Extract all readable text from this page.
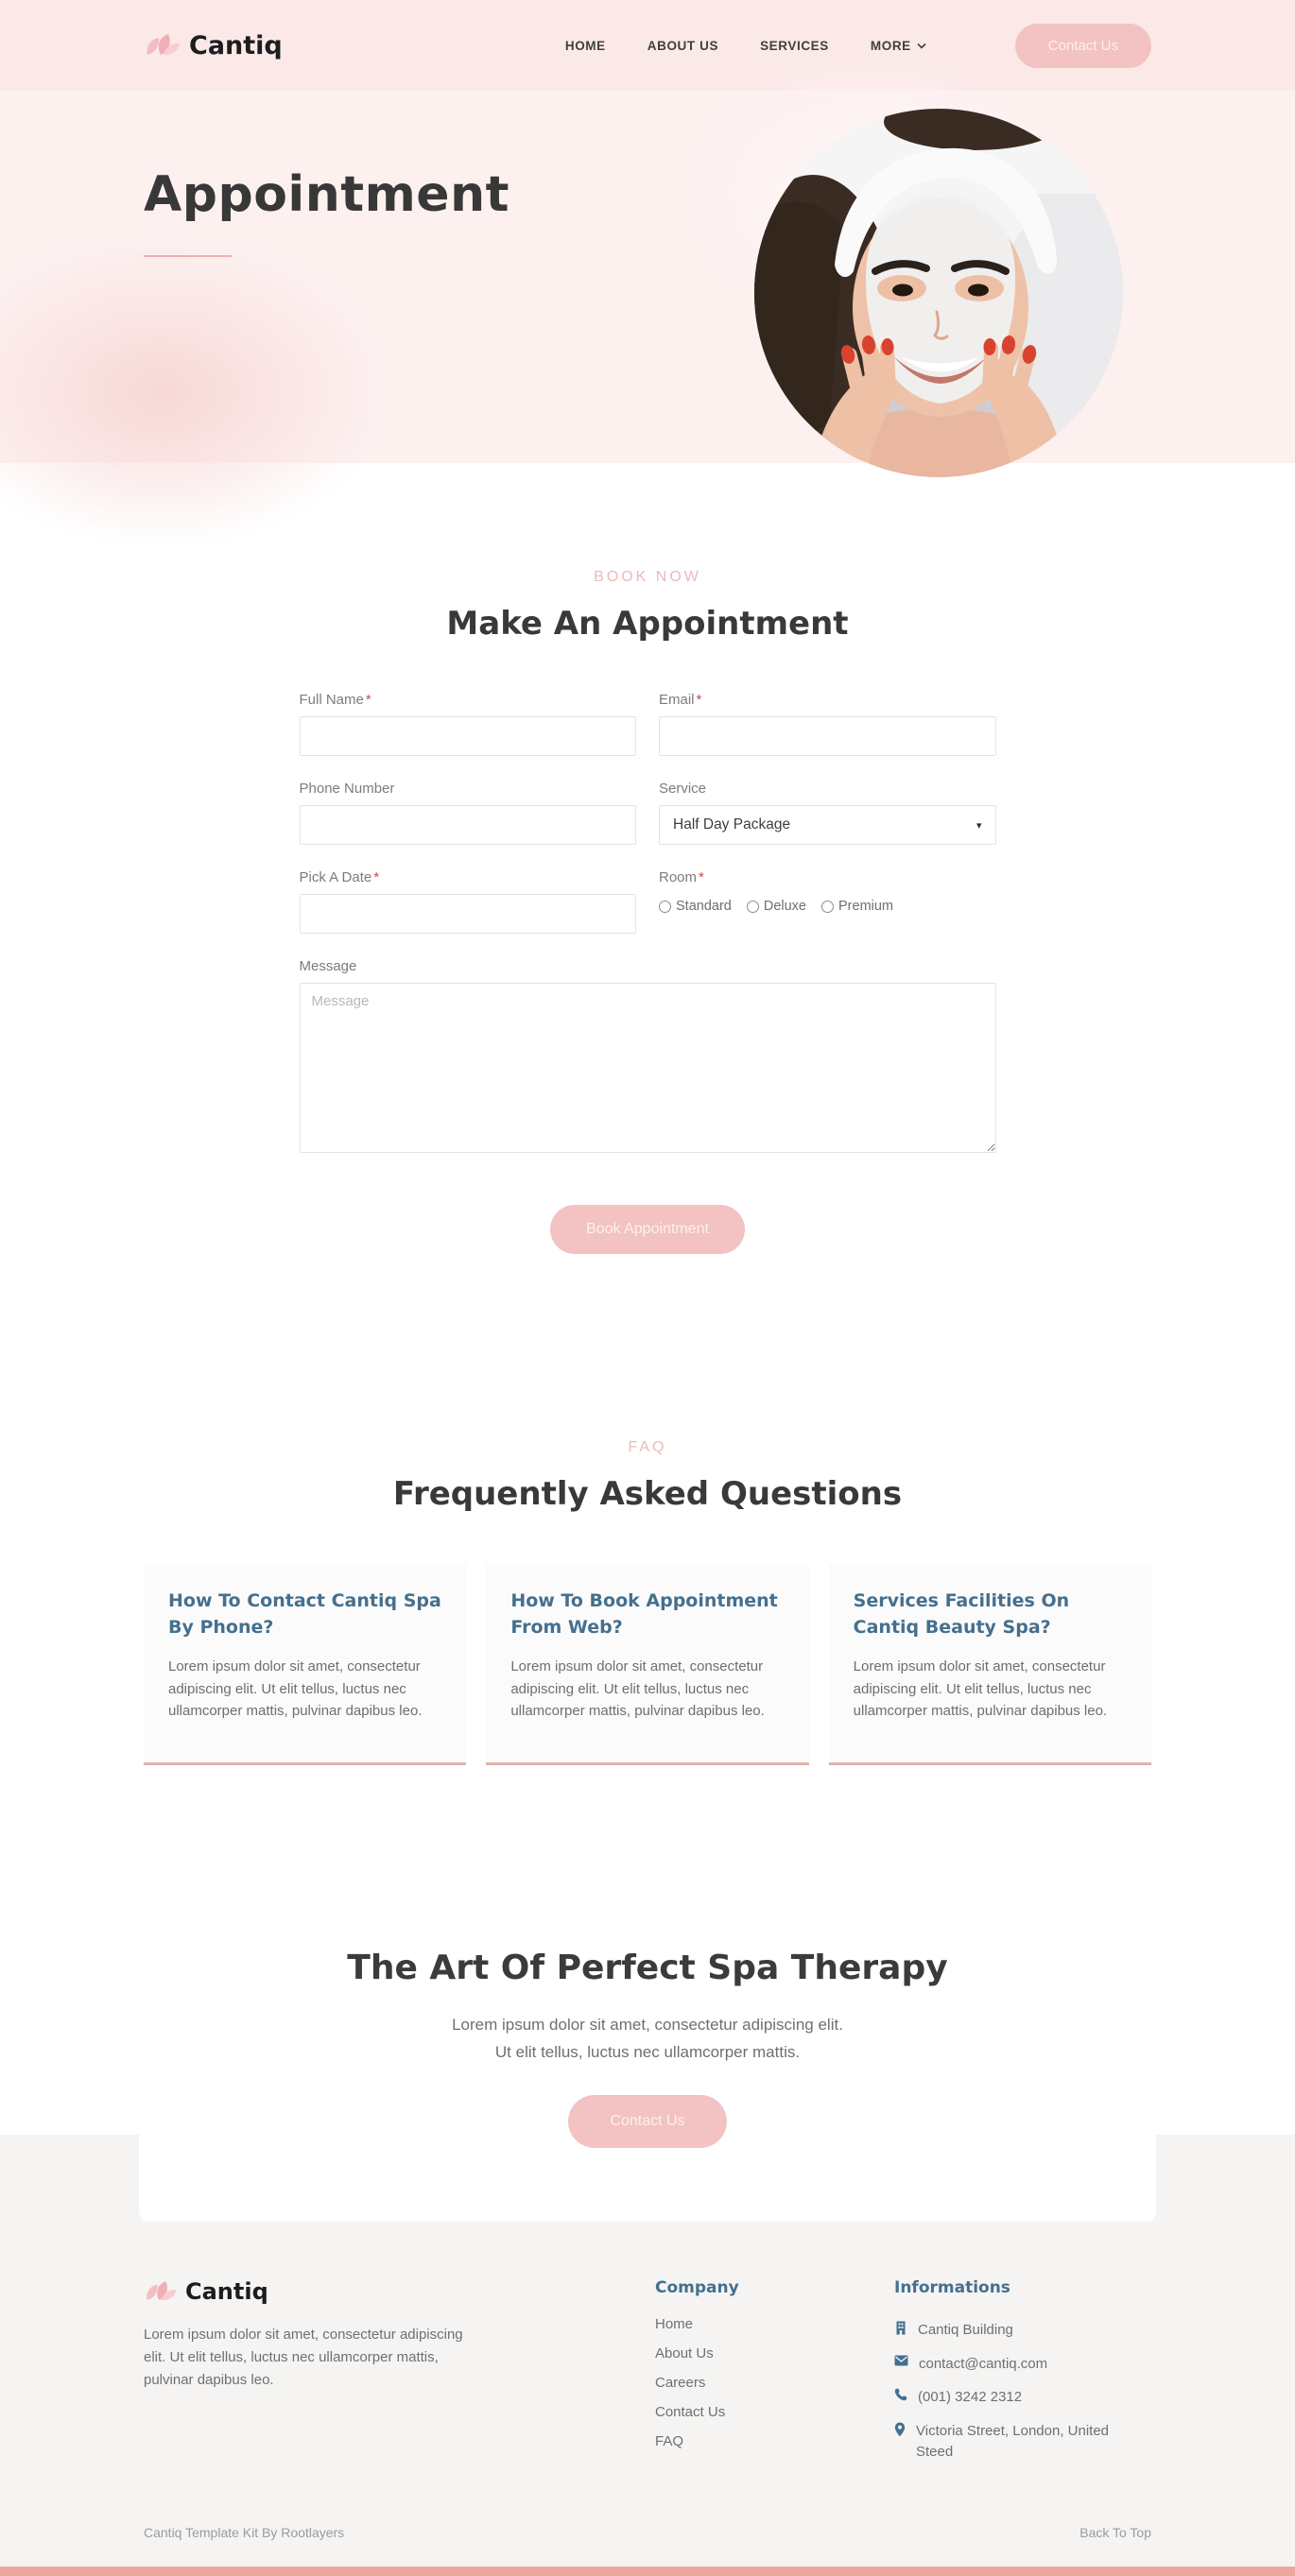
Cantiq	HOME	ABOUT US	SERVICES	MORE	Contact Us
Appointment
BOOK NOW
Make An Appointment
Full Name *	Email *
Phone Number	Service
Half Day Package	▾
Pick A Date *	Room *
Standard Deluxe Premium
Message
Message
Book Appointment
FAQ
Frequently Asked Questions
How To Contact Cantiq Spa By Phone?
Lorem ipsum dolor sit amet, consectetur adipiscing elit. Ut elit tellus, luctus nec ullamcorper mattis, pulvinar dapibus leo.
How To Book Appointment From Web?
Lorem ipsum dolor sit amet, consectetur adipiscing elit. Ut elit tellus, luctus nec ullamcorper mattis, pulvinar dapibus leo.
Services Facilities On Cantiq Beauty Spa?
Lorem ipsum dolor sit amet, consectetur adipiscing elit. Ut elit tellus, luctus nec ullamcorper mattis, pulvinar dapibus leo.
The Art Of Perfect Spa Therapy

Lorem ipsum dolor sit amet, consectetur adipiscing elit.
Ut elit tellus, luctus nec ullamcorper mattis.

Contact Us
Cantiq

Lorem ipsum dolor sit amet, consectetur adipiscing elit. Ut elit tellus, luctus nec ullamcorper mattis, pulvinar dapibus leo.

Company
Home
About Us
Careers
Contact Us
FAQ
Informations
Cantiq Building
contact@cantiq.com
(001) 3242 2312
Victoria Street, London, United Steed
Cantiq Template Kit By Rootlayers	Back To Top
